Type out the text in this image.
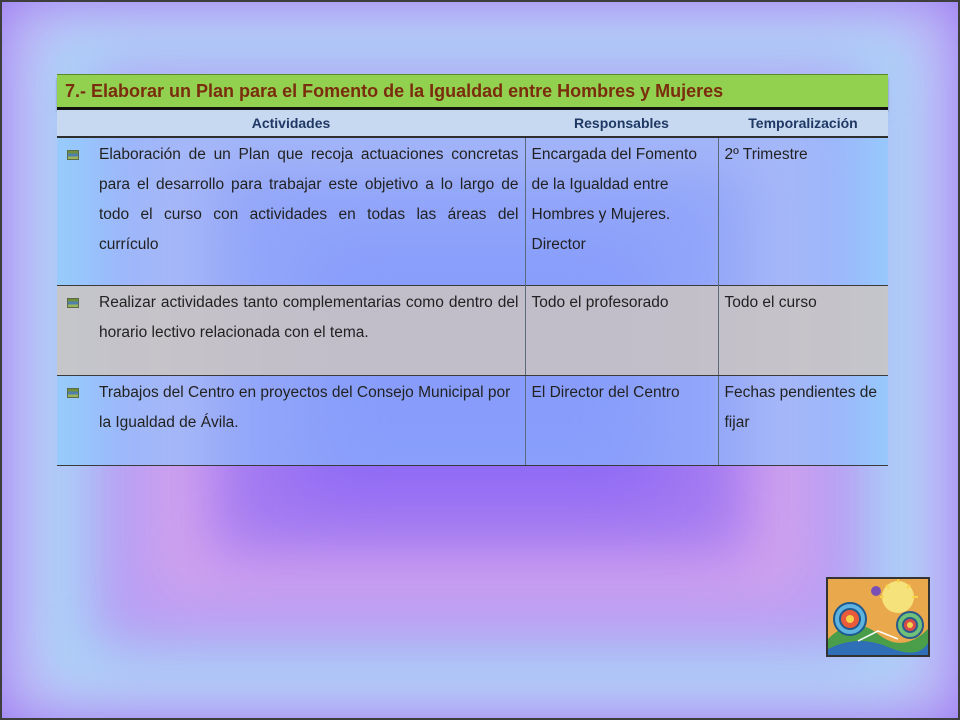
7.- Elaborar un Plan para el Fomento de la Igualdad entre Hombres y Mujeres		
Actividades	Responsables	Temporalización

Elaboración de un Plan que recoja actuaciones concretas para el desarrollo para trabajar este objetivo a lo largo de todo el curso con actividades en todas las áreas del currículo	Encargada del Fomento de la Igualdad entre Hombres y Mujeres. Director	2º Trimestre

Realizar actividades tanto complementarias como dentro del horario lectivo relacionada con el tema.	Todo el profesorado	Todo el curso

Trabajos del Centro en proyectos del Consejo Municipal por la Igualdad de Ávila.	El Director del Centro	Fechas pendientes de fijar
